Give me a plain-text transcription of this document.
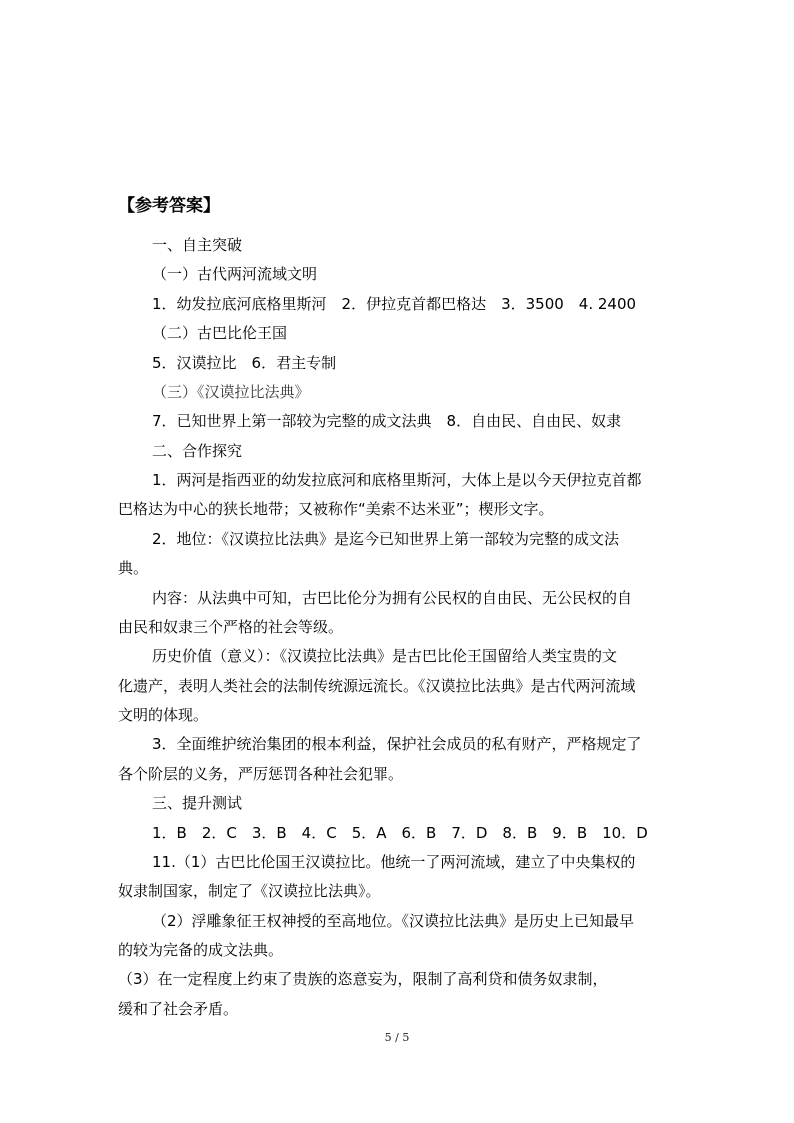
【参考答案】
一、自主突破
（一）古代两河流域文明
1．幼发拉底河底格里斯河　2．伊拉克首都巴格达　3．3500　4. 2400
（二）古巴比伦王国
5．汉谟拉比　6．君主专制
（三）《汉谟拉比法典》
7．已知世界上第一部较为完整的成文法典　8．自由民、自由民、奴隶
二、合作探究
1．两河是指西亚的幼发拉底河和底格里斯河，大体上是以今天伊拉克首都
巴格达为中心的狭长地带；又被称作“美索不达米亚”；楔形文字。
2．地位：《汉谟拉比法典》是迄今已知世界上第一部较为完整的成文法
典。
内容：从法典中可知，古巴比伦分为拥有公民权的自由民、无公民权的自
由民和奴隶三个严格的社会等级。
历史价值（意义）：《汉谟拉比法典》是古巴比伦王国留给人类宝贵的文
化遗产，表明人类社会的法制传统源远流长。《汉谟拉比法典》是古代两河流域
文明的体现。
3．全面维护统治集团的根本利益，保护社会成员的私有财产，严格规定了
各个阶层的义务，严厉惩罚各种社会犯罪。
三、提升测试
1．B　2．C　3．B　4．C　5．A　6．B　7．D　8．B　9．B　10．D
11.（1）古巴比伦国王汉谟拉比。他统一了两河流域，建立了中央集权的
奴隶制国家，制定了《汉谟拉比法典》。
（2）浮雕象征王权神授的至高地位。《汉谟拉比法典》是历史上已知最早
的较为完备的成文法典。
（3）在一定程度上约束了贵族的恣意妄为，限制了高利贷和债务奴隶制，
缓和了社会矛盾。
5 / 5
